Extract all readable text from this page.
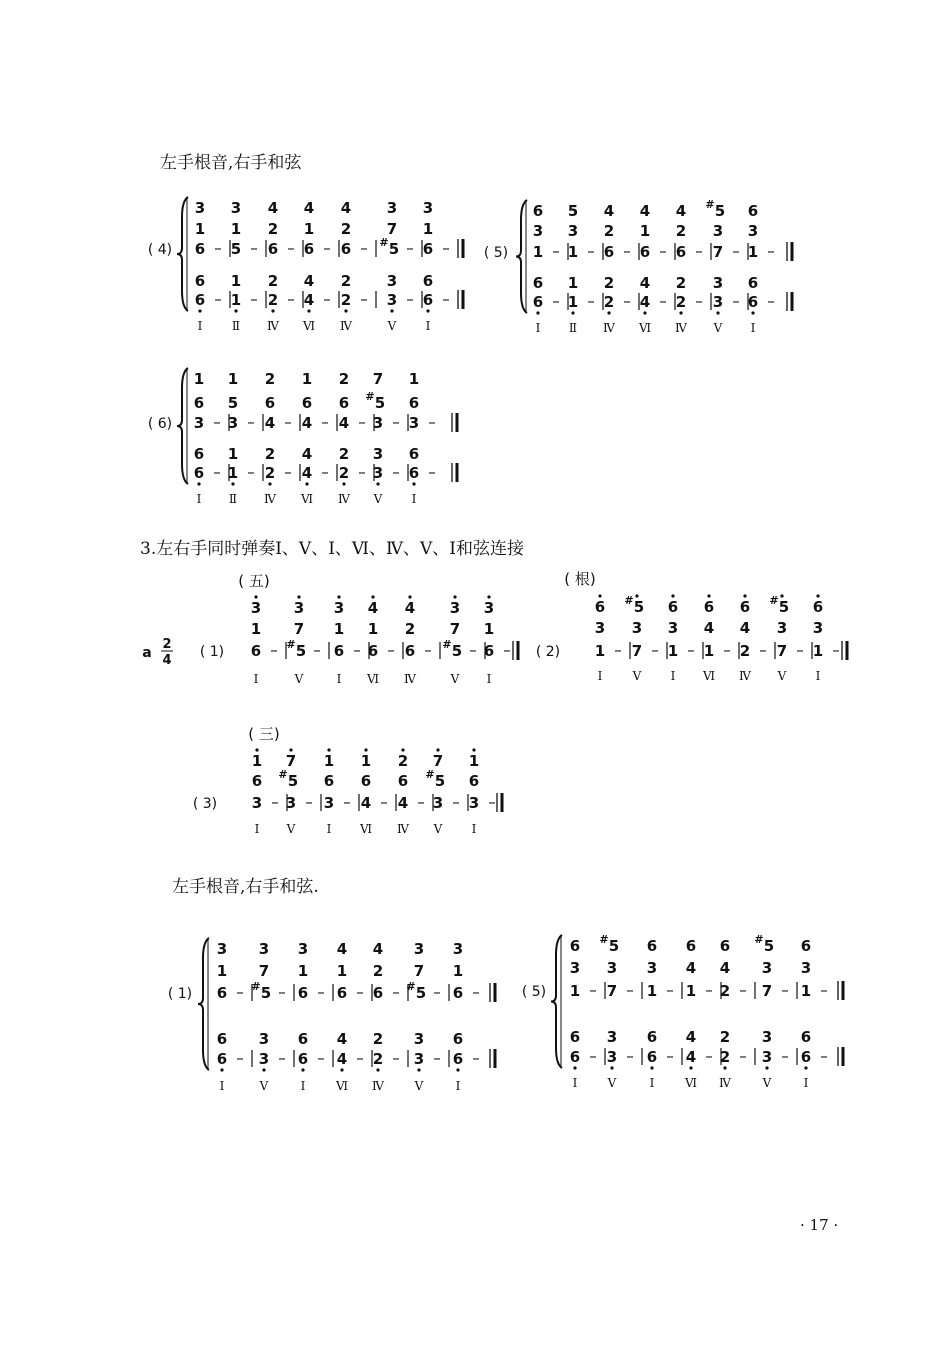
左手根音,右手和弦
3.左右手同时弹奏Ⅰ、Ⅴ、Ⅰ、Ⅵ、Ⅳ、Ⅴ、Ⅰ和弦连接
左手根音,右手和弦.
· 17 ·
( 4)
3 3 4 4 4 3 3
1 1 2 1 2 7 1
6 – 5 – 6 – 6 – 6 – # 5 – 6 –
6 1 2 4 2 3 6
6 – 1 – 2 – 4 – 2 – 3 – 6 –
Ⅰ Ⅱ Ⅳ Ⅵ Ⅳ	Ⅴ Ⅰ
( 5)
6 5 4 4 4 # 5 6
3 3 2 1 2 3 3
1 – 1 – 6 – 6 – 6 – 7 – 1 –
6 1 2 4 2 3 6
6 – 1 – 2 – 4 – 2 – 3 – 6 –
Ⅰ Ⅱ Ⅳ Ⅵ Ⅳ Ⅴ Ⅰ
( 6)
1 1 2 1 2 7 1
6 5 6 6 6 # 5 6
3 – 3 – 4 – 4 – 4 – 3 – 3 –
6 1 2 4 2 3 6
6 – 1 – 2 – 4 – 2 – 3 – 6 –
Ⅰ Ⅱ Ⅳ Ⅵ Ⅳ Ⅴ Ⅰ
a
2
4
( 五)
( 1)
3 3 3 4 4 3 3
1 7 1 1 2 7 1
6 – # 5 – 6 – 6 – 6 – # 5 – 6 –
Ⅰ	Ⅴ	Ⅰ Ⅵ Ⅳ	Ⅴ Ⅰ
( 根)
( 2)
6 # 5 6 6 6 # 5 6
3 3 3 4 4 3 3
1 – 7 – 1 – 1 – 2 – 7 – 1 –
Ⅰ	Ⅴ Ⅰ Ⅵ Ⅳ Ⅴ Ⅰ
( 三)
( 3)
1 7 1 1 2 7 1
6 # 5 6 6 6 # 5 6
3 – 3 – 3 – 4 – 4 – 3 – 3 –
Ⅰ Ⅴ	Ⅰ Ⅵ Ⅳ Ⅴ Ⅰ
( 1)
3 3 3 4 4 3 3
1 7 1 1 2 7 1
6 – # 5 – 6 – 6 – 6 – # 5 – 6 –
6 3 6 4 2 3 6
6 – 3 – 6 – 4 – 2 – 3 – 6 –
Ⅰ	Ⅴ	Ⅰ	Ⅵ Ⅳ	Ⅴ	Ⅰ
( 5)
6 # 5 6 6 6 # 5 6
3 3 3 4 4 3 3
1 – 7 – 1 – 1 – 2 – 7 – 1 –
6 3 6 4 2 3 6
6 – 3 – 6 – 4 – 2 – 3 – 6 –
Ⅰ	Ⅴ	Ⅰ	Ⅵ Ⅳ	Ⅴ	Ⅰ
